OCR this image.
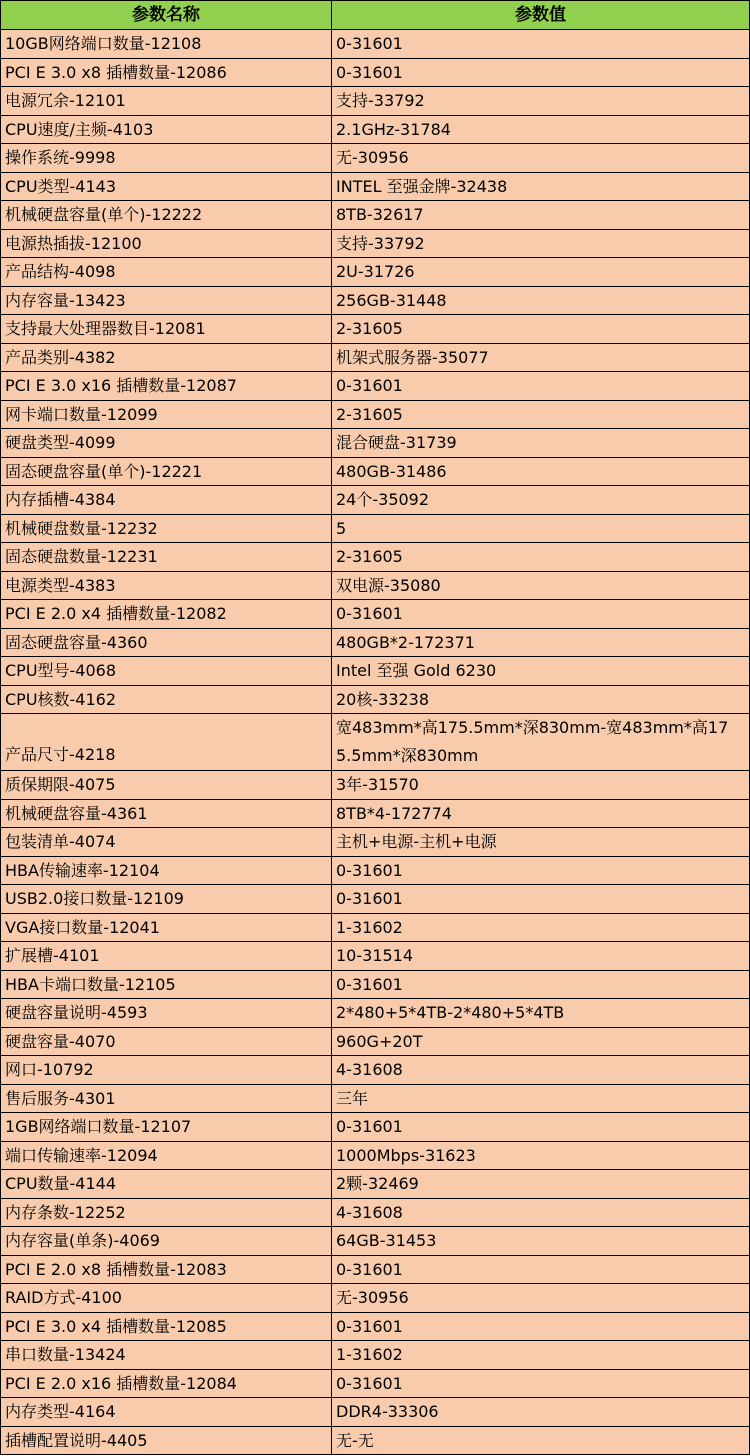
参数名称	参数值
10GB网络端口数量-12108	0-31601
PCI E 3.0 x8 插槽数量-12086	0-31601
电源冗余-12101	支持-33792
CPU速度/主频-4103	2.1GHz-31784
操作系统-9998	无-30956
CPU类型-4143	INTEL 至强金牌-32438
机械硬盘容量(单个)-12222	8TB-32617
电源热插拔-12100	支持-33792
产品结构-4098	2U-31726
内存容量-13423	256GB-31448
支持最大处理器数目-12081	2-31605
产品类别-4382	机架式服务器-35077
PCI E 3.0 x16 插槽数量-12087	0-31601
网卡端口数量-12099	2-31605
硬盘类型-4099	混合硬盘-31739
固态硬盘容量(单个)-12221	480GB-31486
内存插槽-4384	24个-35092
机械硬盘数量-12232	5
固态硬盘数量-12231	2-31605
电源类型-4383	双电源-35080
PCI E 2.0 x4 插槽数量-12082	0-31601
固态硬盘容量-4360	480GB*2-172371
CPU型号-4068	Intel 至强 Gold 6230
CPU核数-4162	20核-33238
产品尺寸-4218	宽483mm*高175.5mm*深830mm-宽483mm*高175.5mm*深830mm
质保期限-4075	3年-31570
机械硬盘容量-4361	8TB*4-172774
包装清单-4074	主机+电源-主机+电源
HBA传输速率-12104	0-31601
USB2.0接口数量-12109	0-31601
VGA接口数量-12041	1-31602
扩展槽-4101	10-31514
HBA卡端口数量-12105	0-31601
硬盘容量说明-4593	2*480+5*4TB-2*480+5*4TB
硬盘容量-4070	960G+20T
网口-10792	4-31608
售后服务-4301	三年
1GB网络端口数量-12107	0-31601
端口传输速率-12094	1000Mbps-31623
CPU数量-4144	2颗-32469
内存条数-12252	4-31608
内存容量(单条)-4069	64GB-31453
PCI E 2.0 x8 插槽数量-12083	0-31601
RAID方式-4100	无-30956
PCI E 3.0 x4 插槽数量-12085	0-31601
串口数量-13424	1-31602
PCI E 2.0 x16 插槽数量-12084	0-31601
内存类型-4164	DDR4-33306
插槽配置说明-4405	无-无
